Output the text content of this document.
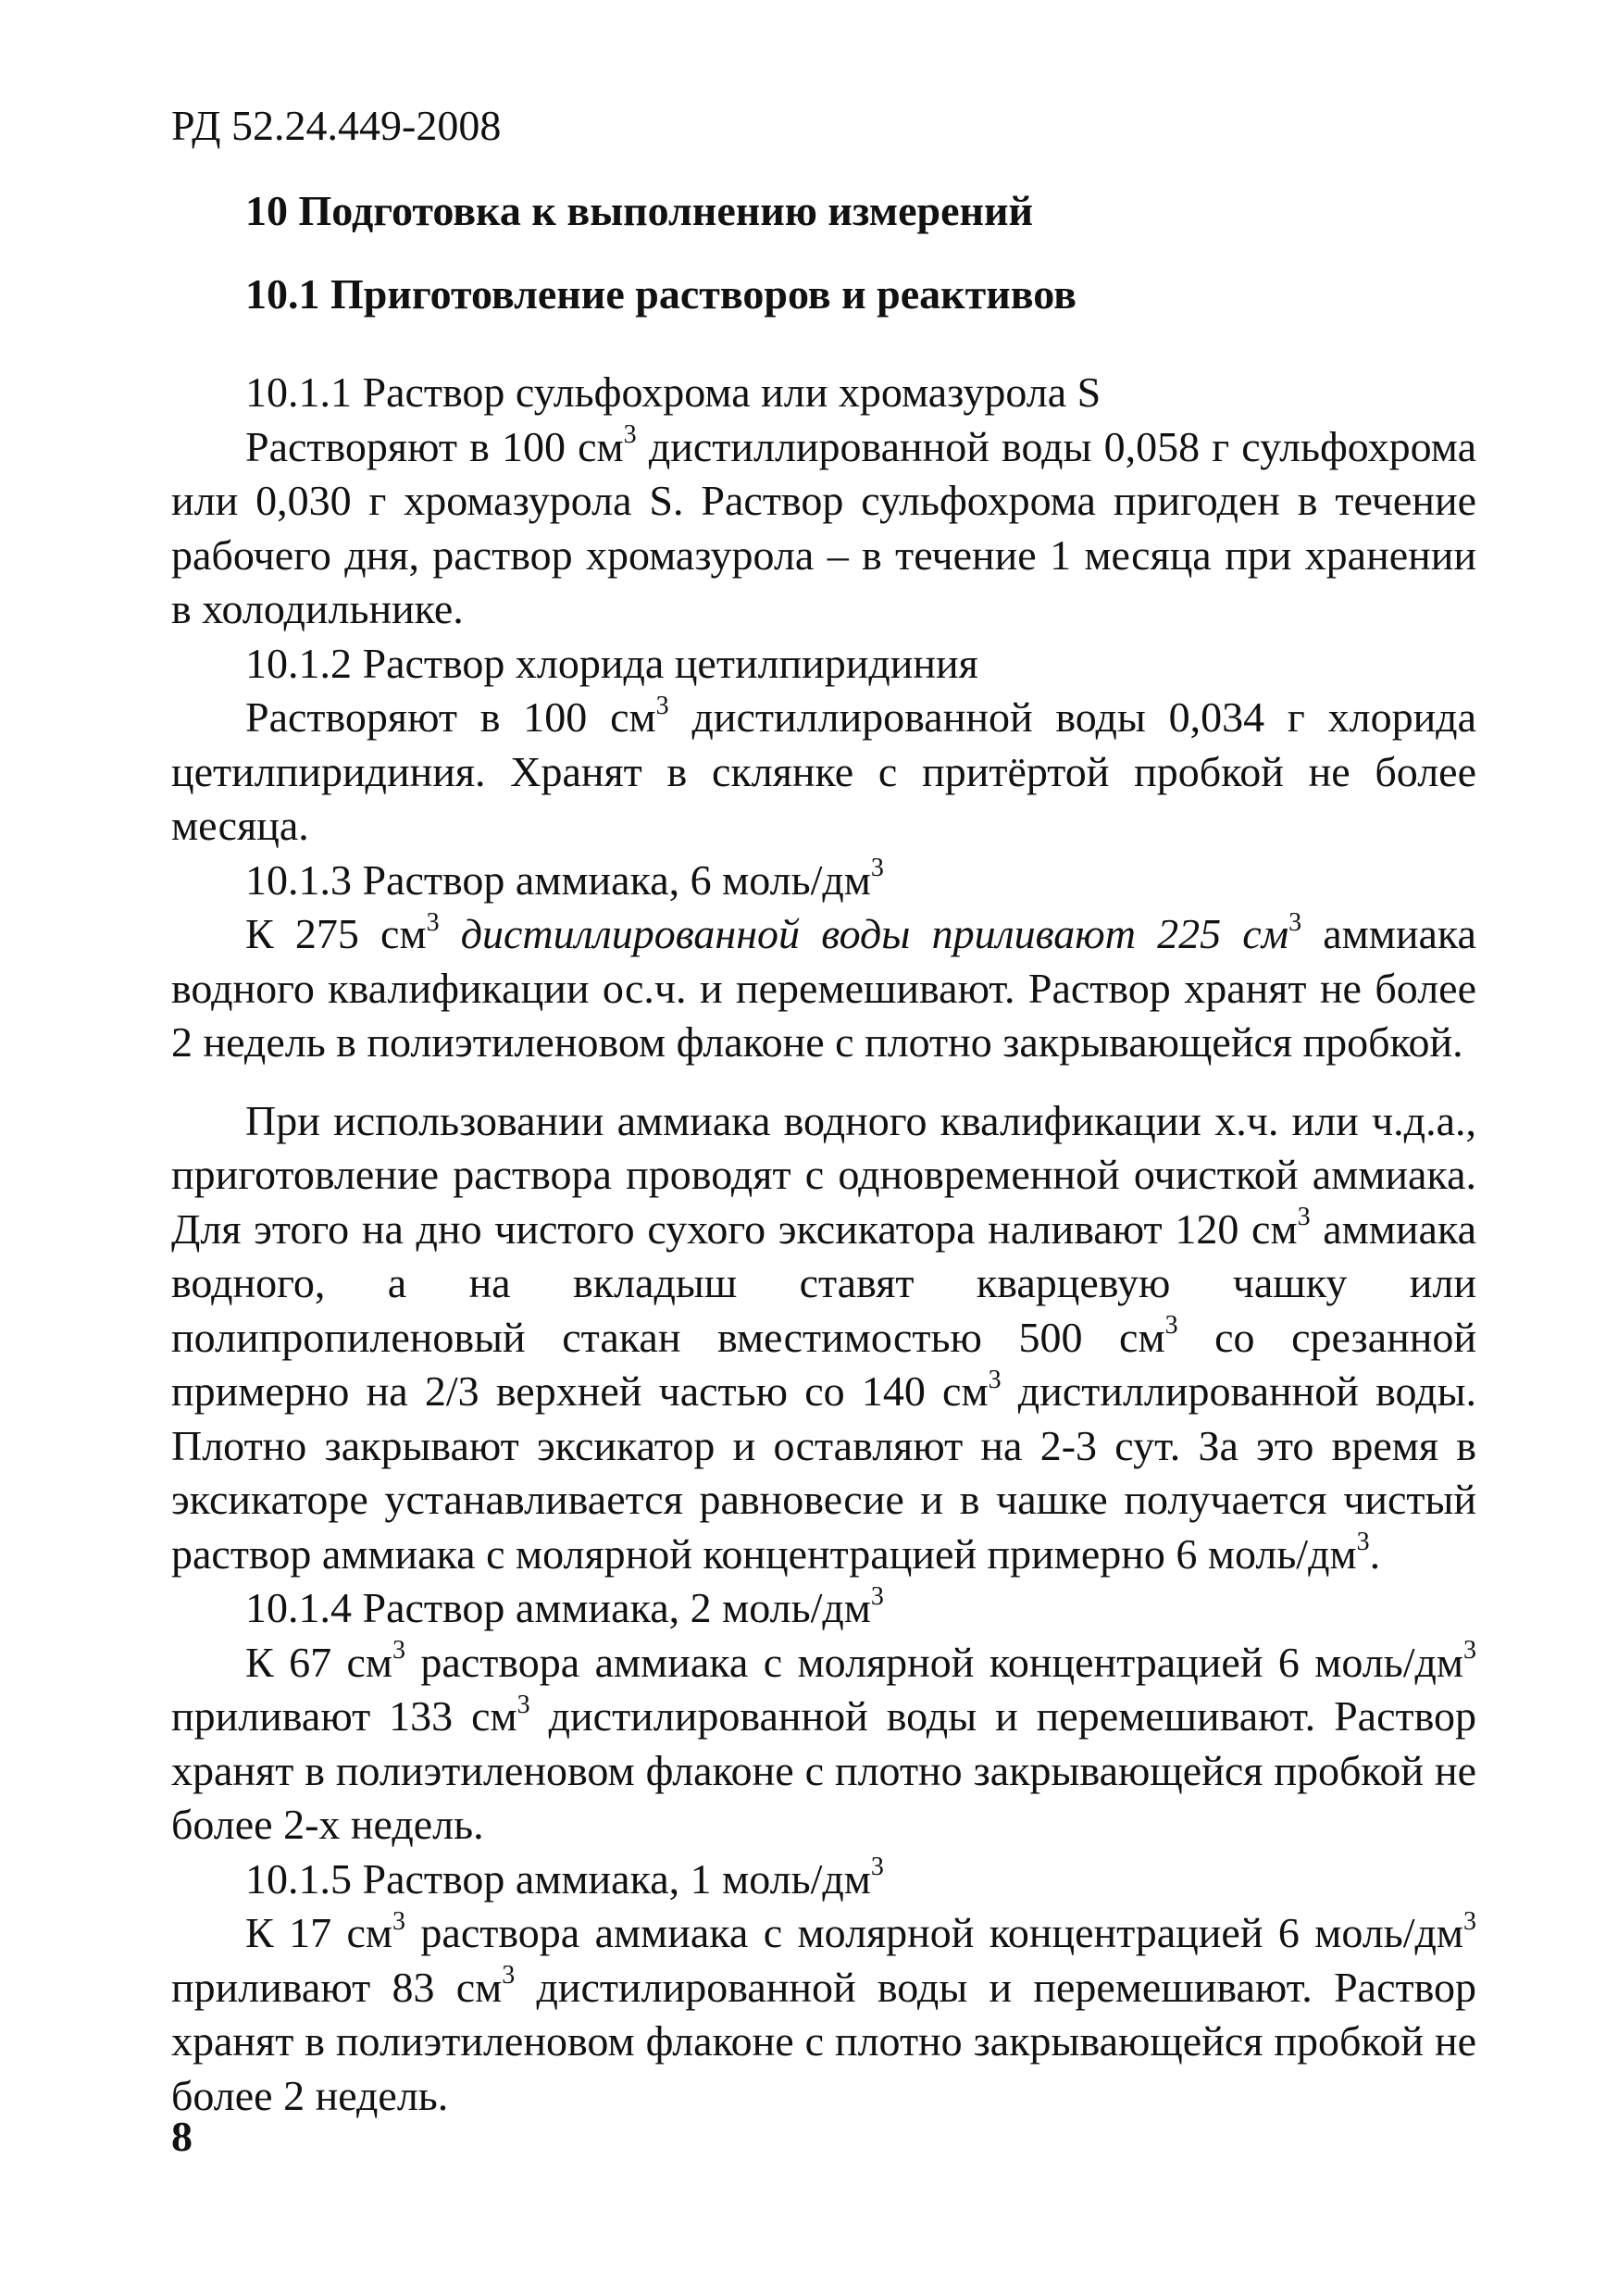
РД 52.24.449-2008
10 Подготовка к выполнению измерений
10.1 Приготовление растворов и реактивов

10.1.1 Раствор сульфохрома или хромазурола S

Растворяют в 100 $см^3$ дистиллированной воды 0,058 г сульфохрома или 0,030 г хромазурола S. Раствор сульфохрома пригоден в течение рабочего дня, раствор хромазурола – в течение 1 месяца при хранении в холодильнике.

10.1.2 Раствор хлорида цетилпиридиния

Растворяют в 100 $см^3$ дистиллированной воды 0,034 г хлорида цетилпиридиния. Хранят в склянке с притёртой пробкой не более месяца.

10.1.3 Раствор аммиака, 6 моль/$дм^3$

К 275 $см^3$ дистиллированной воды приливают 225 $см^3$ аммиака водного квалификации ос.ч. и перемешивают. Раствор хранят не более 2 недель в полиэтиленовом флаконе с плотно закрывающейся пробкой.

При использовании аммиака водного квалификации х.ч. или ч.д.а., приготовление раствора проводят с одновременной очисткой аммиака. Для этого на дно чистого сухого эксикатора наливают 120 $см^3$ аммиака водного, а на вкладыш ставят кварцевую чашку или полипропиленовый стакан вместимостью 500 $см^3$ со срезанной примерно на 2/3 верхней частью со 140 $см^3$ дистиллированной воды. Плотно закрывают эксикатор и оставляют на 2-3 сут. За это время в эксикаторе устанавливается равновесие и в чашке получается чистый раствор аммиака с молярной концентрацией примерно 6 моль/$дм^3$.

10.1.4 Раствор аммиака, 2 моль/$дм^3$

К 67 $см^3$ раствора аммиака с молярной концентрацией 6 моль/$дм^3$ приливают 133 $см^3$ дистилированной воды и перемешивают. Раствор хранят в полиэтиленовом флаконе с плотно закрывающейся пробкой не более 2-х недель.

10.1.5 Раствор аммиака, 1 моль/$дм^3$

К 17 $см^3$ раствора аммиака с молярной концентрацией 6 моль/$дм^3$ приливают 83 $см^3$ дистилированной воды и перемешивают. Раствор хранят в полиэтиленовом флаконе с плотно закрывающейся пробкой не более 2 недель.

8
